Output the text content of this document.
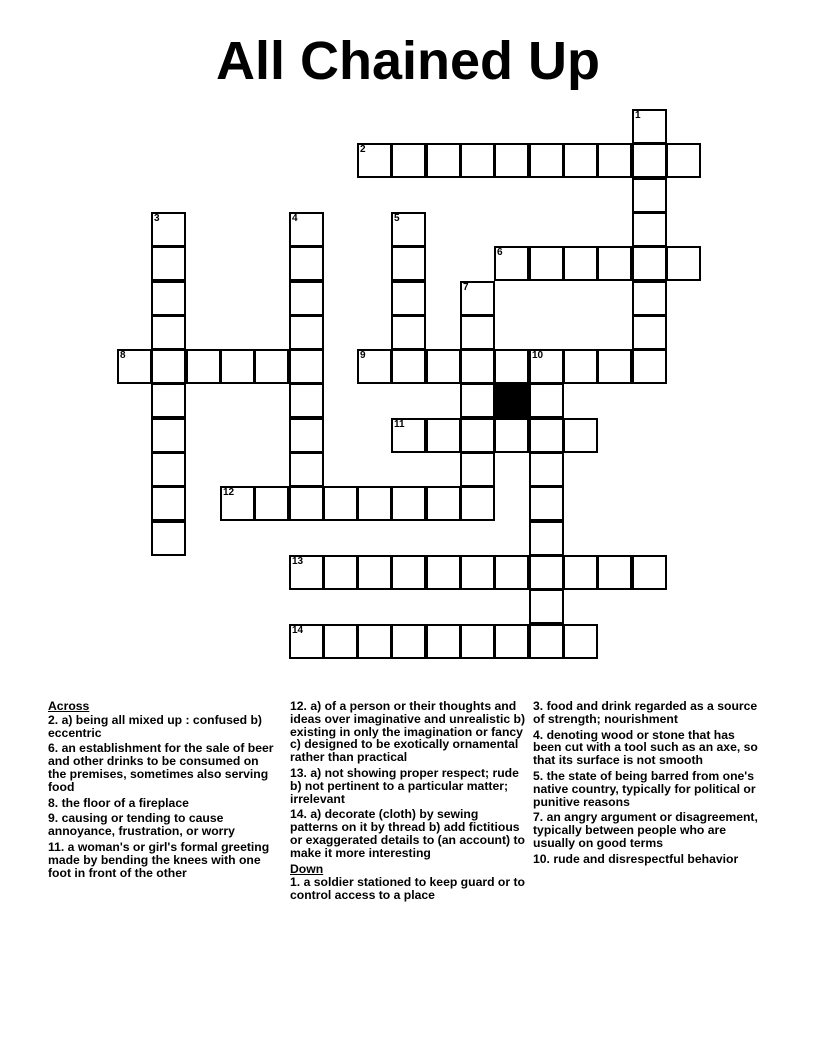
All Chained Up
1
2
3	4	5
6
7
8	9	10
11
12
13
14
Across
2. a) being all mixed up : confused b) eccentric
6. an establishment for the sale of beer and other drinks to be consumed on the premises, sometimes also serving food
8. the floor of a fireplace
9. causing or tending to cause annoyance, frustration, or worry
11. a woman's or girl's formal greeting made by bending the knees with one foot in front of the other
12. a) of a person or their thoughts and ideas over imaginative and unrealistic b) existing in only the imagination or fancy c) designed to be exotically ornamental rather than practical
13. a) not showing proper respect; rude b) not pertinent to a particular matter; irrelevant
14. a) decorate (cloth) by sewing patterns on it by thread b) add fictitious or exaggerated details to (an account) to make it more interesting
Down
1. a soldier stationed to keep guard or to control access to a place
3. food and drink regarded as a source of strength; nourishment
4. denoting wood or stone that has been cut with a tool such as an axe, so that its surface is not smooth
5. the state of being barred from one's native country, typically for political or punitive reasons
7. an angry argument or disagreement, typically between people who are usually on good terms
10. rude and disrespectful behavior
